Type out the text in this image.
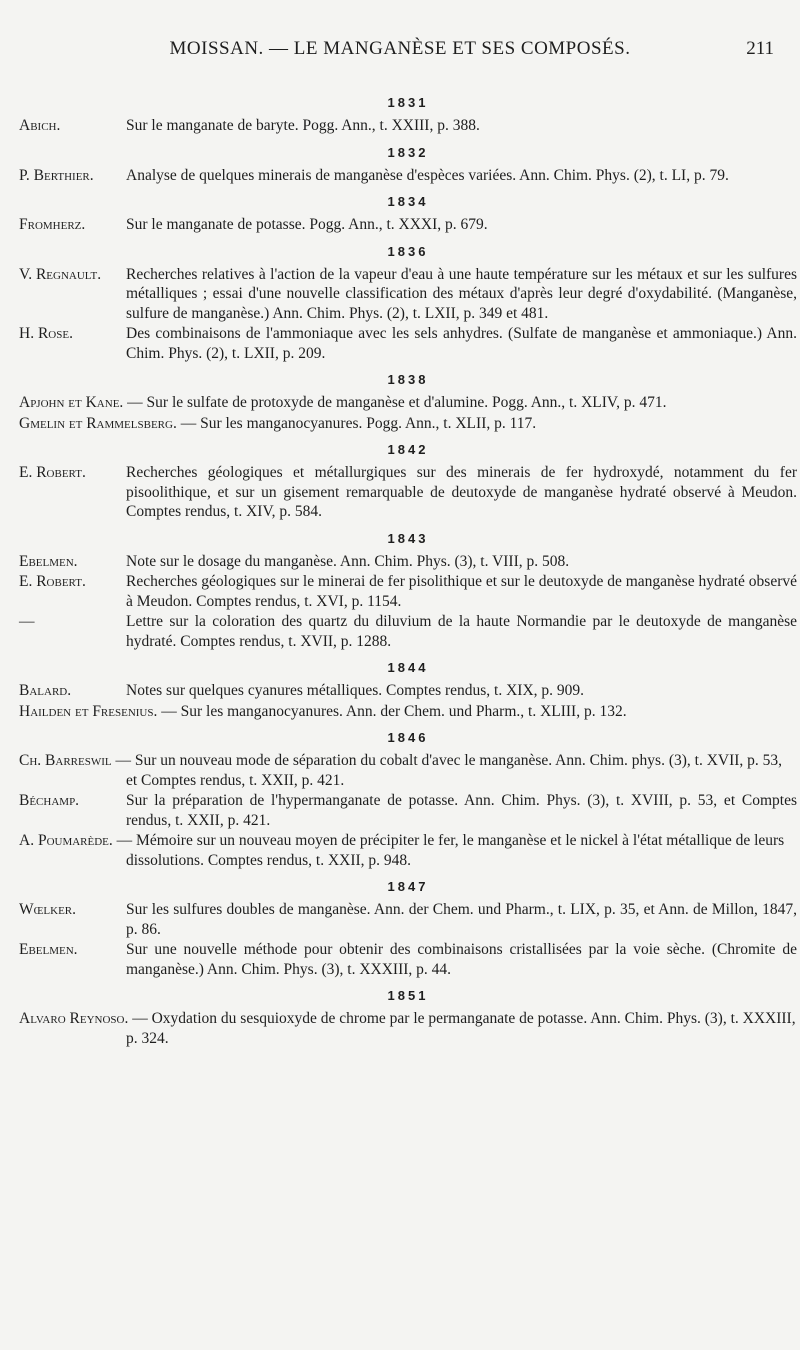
MOISSAN. — LE MANGANÈSE ET SES COMPOSÉS.	211
1831
Abich.	Sur le manganate de baryte. Pogg. Ann., t. XXIII, p. 388.
1832
P. Berthier. Analyse de quelques minerais de manganèse d'espèces variées. Ann. Chim. Phys. (2), t. LI, p. 79.
1834
Fromherz.	Sur le manganate de potasse. Pogg. Ann., t. XXXI, p. 679.
1836
V. Regnault. Recherches relatives à l'action de la vapeur d'eau à une haute température sur les métaux et sur les sulfures métalliques ; essai d'une nouvelle classification des métaux d'après leur degré d'oxydabilité. (Manganèse, sulfure de manganèse.) Ann. Chim. Phys. (2), t. LXII, p. 349 et 481.
H. Rose.	Des combinaisons de l'ammoniaque avec les sels anhydres. (Sulfate de manganèse et ammoniaque.) Ann. Chim. Phys. (2), t. LXII, p. 209.
1838
Apjohn et Kane. — Sur le sulfate de protoxyde de manganèse et d'alumine. Pogg. Ann., t. XLIV, p. 471.
Gmelin et Rammelsberg. — Sur les manganocyanures. Pogg. Ann., t. XLII, p. 117.
1842
E. Robert.	Recherches géologiques et métallurgiques sur des minerais de fer hydroxydé, notamment du fer pisoolithique, et sur un gisement remarquable de deutoxyde de manganèse hydraté observé à Meudon. Comptes rendus, t. XIV, p. 584.
1843
Ebelmen.	Note sur le dosage du manganèse. Ann. Chim. Phys. (3), t. VIII, p. 508.
E. Robert.	Recherches géologiques sur le minerai de fer pisolithique et sur le deutoxyde de manganèse hydraté observé à Meudon. Comptes rendus, t. XVI, p. 1154.
—	Lettre sur la coloration des quartz du diluvium de la haute Normandie par le deutoxyde de manganèse hydraté. Comptes rendus, t. XVII, p. 1288.
1844
Balard.	Notes sur quelques cyanures métalliques. Comptes rendus, t. XIX, p. 909.
Hailden et Fresenius. — Sur les manganocyanures. Ann. der Chem. und Pharm., t. XLIII, p. 132.
1846
Ch. Barreswil — Sur un nouveau mode de séparation du cobalt d'avec le manganèse. Ann. Chim. phys. (3), t. XVII, p. 53, et Comptes rendus, t. XXII, p. 421.
Béchamp.	Sur la préparation de l'hypermanganate de potasse. Ann. Chim. Phys. (3), t. XVIII, p. 53, et Comptes rendus, t. XXII, p. 421.
A. Poumarède. — Mémoire sur un nouveau moyen de précipiter le fer, le manganèse et le nickel à l'état métallique de leurs dissolutions. Comptes rendus, t. XXII, p. 948.
1847
Wœlker.	Sur les sulfures doubles de manganèse. Ann. der Chem. und Pharm., t. LIX, p. 35, et Ann. de Millon, 1847, p. 86.
Ebelmen.	Sur une nouvelle méthode pour obtenir des combinaisons cristallisées par la voie sèche. (Chromite de manganèse.) Ann. Chim. Phys. (3), t. XXXIII, p. 44.
1851
Alvaro Reynoso. — Oxydation du sesquioxyde de chrome par le permanganate de potasse. Ann. Chim. Phys. (3), t. XXXIII, p. 324.
